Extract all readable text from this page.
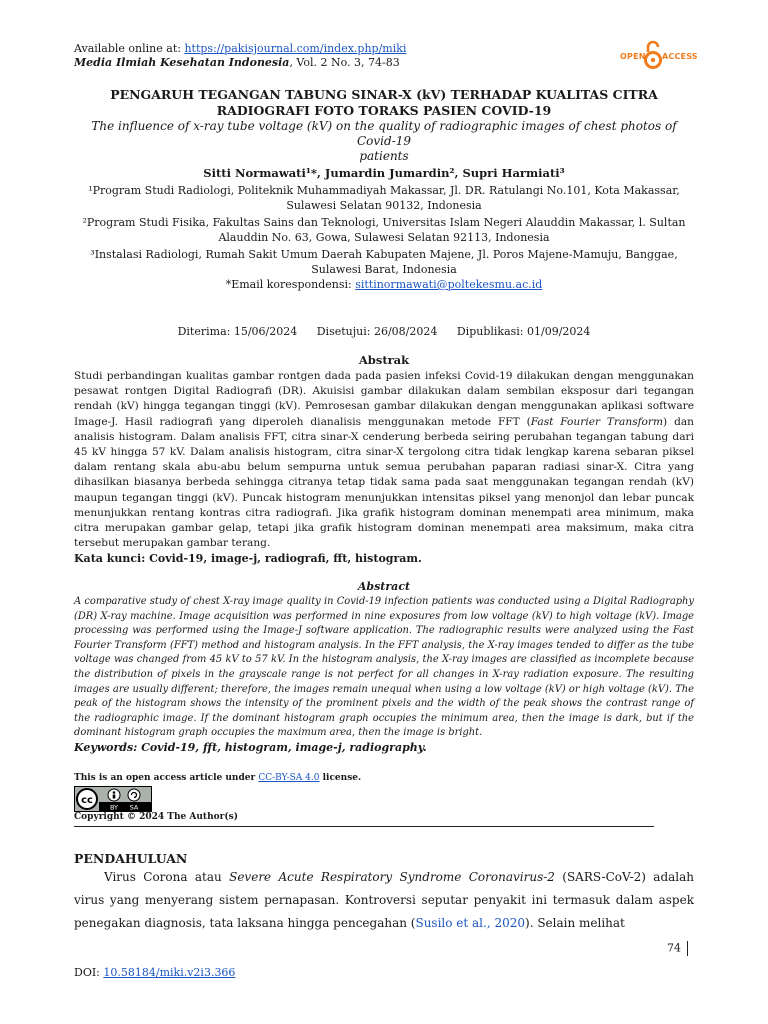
Available online at: https://pakisjournal.com/index.php/miki
Media Ilmiah Kesehatan Indonesia, Vol. 2 No. 3, 74-83	OPEN ACCESS
PENGARUH TEGANGAN TABUNG SINAR-X (kV) TERHADAP KUALITAS CITRA
RADIOGRAFI FOTO TORAKS PASIEN COVID-19
The influence of x-ray tube voltage (kV) on the quality of radiographic images of chest photos of Covid-19
patients
Sitti Normawati¹*, Jumardin Jumardin², Supri Harmiati³
¹Program Studi Radiologi, Politeknik Muhammadiyah Makassar, Jl. DR. Ratulangi No.101, Kota Makassar,
Sulawesi Selatan 90132, Indonesia
²Program Studi Fisika, Fakultas Sains dan Teknologi, Universitas Islam Negeri Alauddin Makassar, l. Sultan
Alauddin No. 63, Gowa, Sulawesi Selatan 92113, Indonesia
³Instalasi Radiologi, Rumah Sakit Umum Daerah Kabupaten Majene, Jl. Poros Majene-Mamuju, Banggae,
Sulawesi Barat, Indonesia
*Email korespondensi: sittinormawati@poltekesmu.ac.id
Diterima: 15/06/2024 Disetujui: 26/08/2024 Dipublikasi: 01/09/2024
Abstrak
Studi perbandingan kualitas gambar rontgen dada pada pasien infeksi Covid-19 dilakukan dengan menggunakan pesawat rontgen Digital Radiografi (DR). Akuisisi gambar dilakukan dalam sembilan eksposur dari tegangan rendah (kV) hingga tegangan tinggi (kV). Pemrosesan gambar dilakukan dengan menggunakan aplikasi software Image-J. Hasil radiografi yang diperoleh dianalisis menggunakan metode FFT (Fast Fourier Transform) dan analisis histogram. Dalam analisis FFT, citra sinar-X cenderung berbeda seiring perubahan tegangan tabung dari 45 kV hingga 57 kV. Dalam analisis histogram, citra sinar-X tergolong citra tidak lengkap karena sebaran piksel dalam rentang skala abu-abu belum sempurna untuk semua perubahan paparan radiasi sinar-X. Citra yang dihasilkan biasanya berbeda sehingga citranya tetap tidak sama pada saat menggunakan tegangan rendah (kV) maupun tegangan tinggi (kV). Puncak histogram menunjukkan intensitas piksel yang menonjol dan lebar puncak menunjukkan rentang kontras citra radiografi. Jika grafik histogram dominan menempati area minimum, maka citra merupakan gambar gelap, tetapi jika grafik histogram dominan menempati area maksimum, maka citra tersebut merupakan gambar terang.
Kata kunci: Covid-19, image-j, radiografi, fft, histogram.
Abstract
A comparative study of chest X-ray image quality in Covid-19 infection patients was conducted using a Digital Radiography (DR) X-ray machine. Image acquisition was performed in nine exposures from low voltage (kV) to high voltage (kV). Image processing was performed using the Image-J software application. The radiographic results were analyzed using the Fast Fourier Transform (FFT) method and histogram analysis. In the FFT analysis, the X-ray images tended to differ as the tube voltage was changed from 45 kV to 57 kV. In the histogram analysis, the X-ray images are classified as incomplete because the distribution of pixels in the grayscale range is not perfect for all changes in X-ray radiation exposure. The resulting images are usually different; therefore, the images remain unequal when using a low voltage (kV) or high voltage (kV). The peak of the histogram shows the intensity of the prominent pixels and the width of the peak shows the contrast range of the radiographic image. If the dominant histogram graph occupies the minimum area, then the image is dark, but if the dominant histogram graph occupies the maximum area, then the image is bright.
Keywords: Covid-19, fft, histogram, image-j, radiography.
This is an open access article under CC-BY-SA 4.0 license.
cc
BY SA
Copyright © 2024 The Author(s)
PENDAHULUAN
Virus Corona atau Severe Acute Respiratory Syndrome Coronavirus-2 (SARS-CoV-2) adalah virus yang menyerang sistem pernapasan. Kontroversi seputar penyakit ini termasuk dalam aspek penegakan diagnosis, tata laksana hingga pencegahan (Susilo et al., 2020). Selain melihat
74
DOI: 10.58184/miki.v2i3.366
